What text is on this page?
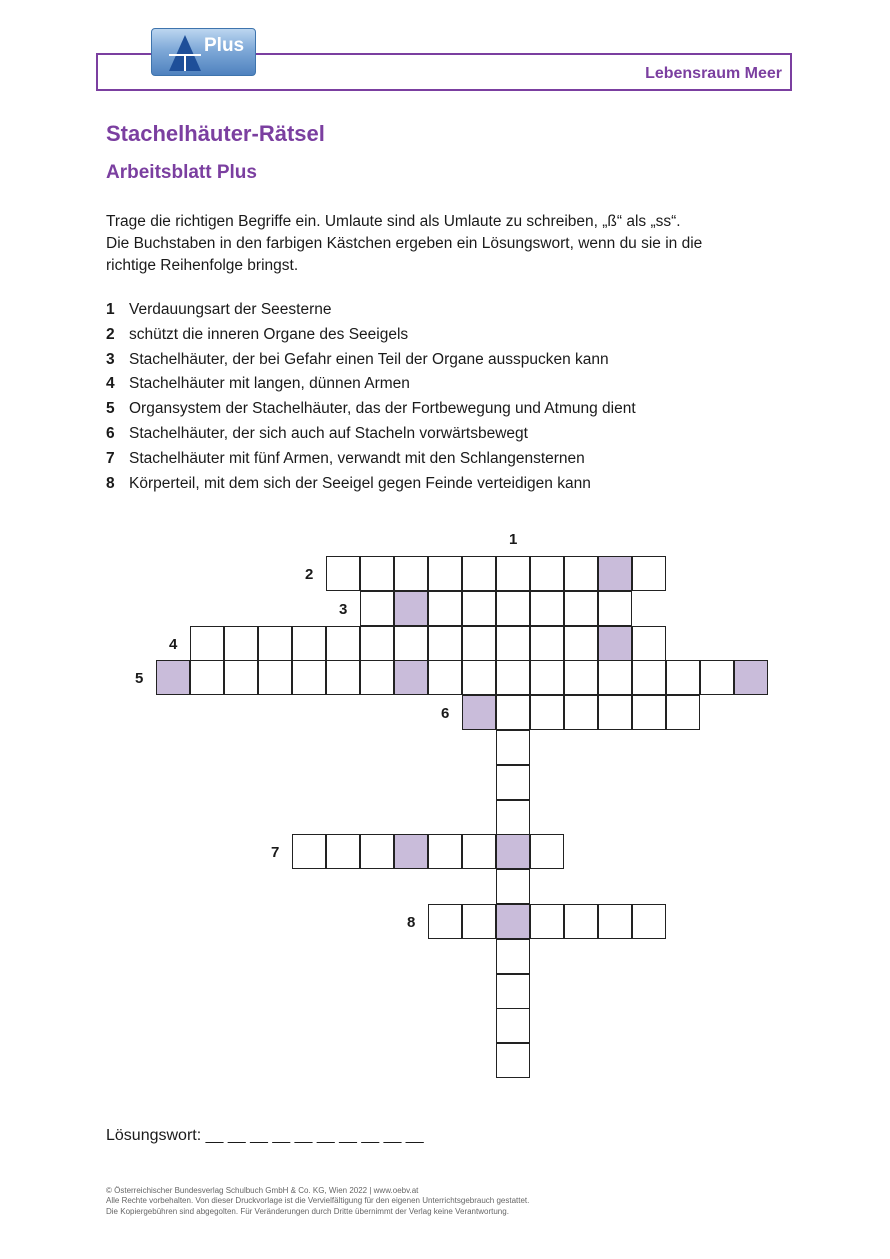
Lebensraum Meer
Plus
Stachelhäuter-Rätsel
Arbeitsblatt Plus

Trage die richtigen Begriffe ein. Umlaute sind als Umlaute zu schreiben, „ß“ als „ss“.

Die Buchstaben in den farbigen Kästchen ergeben ein Lösungswort, wenn du sie in die

richtige Reihenfolge bringst.

1 Verdauungsart der Seesterne
2 schützt die inneren Organe des Seeigels
3 Stachelhäuter, der bei Gefahr einen Teil der Organe ausspucken kann
4 Stachelhäuter mit langen, dünnen Armen
5 Organsystem der Stachelhäuter, das der Fortbewegung und Atmung dient
6 Stachelhäuter, der sich auch auf Stacheln vorwärtsbewegt
7 Stachelhäuter mit fünf Armen, verwandt mit den Schlangensternen
8 Körperteil, mit dem sich der Seeigel gegen Feinde verteidigen kann
1
2
3
4
5
6
7
8
Lösungswort: __ __ __ __ __ __ __ __ __ __

© Österreichischer Bundesverlag Schulbuch GmbH & Co. KG, Wien 2022 | www.oebv.at

Alle Rechte vorbehalten. Von dieser Druckvorlage ist die Vervielfältigung für den eigenen Unterrichtsgebrauch gestattet.

Die Kopiergebühren sind abgegolten. Für Veränderungen durch Dritte übernimmt der Verlag keine Verantwortung.
